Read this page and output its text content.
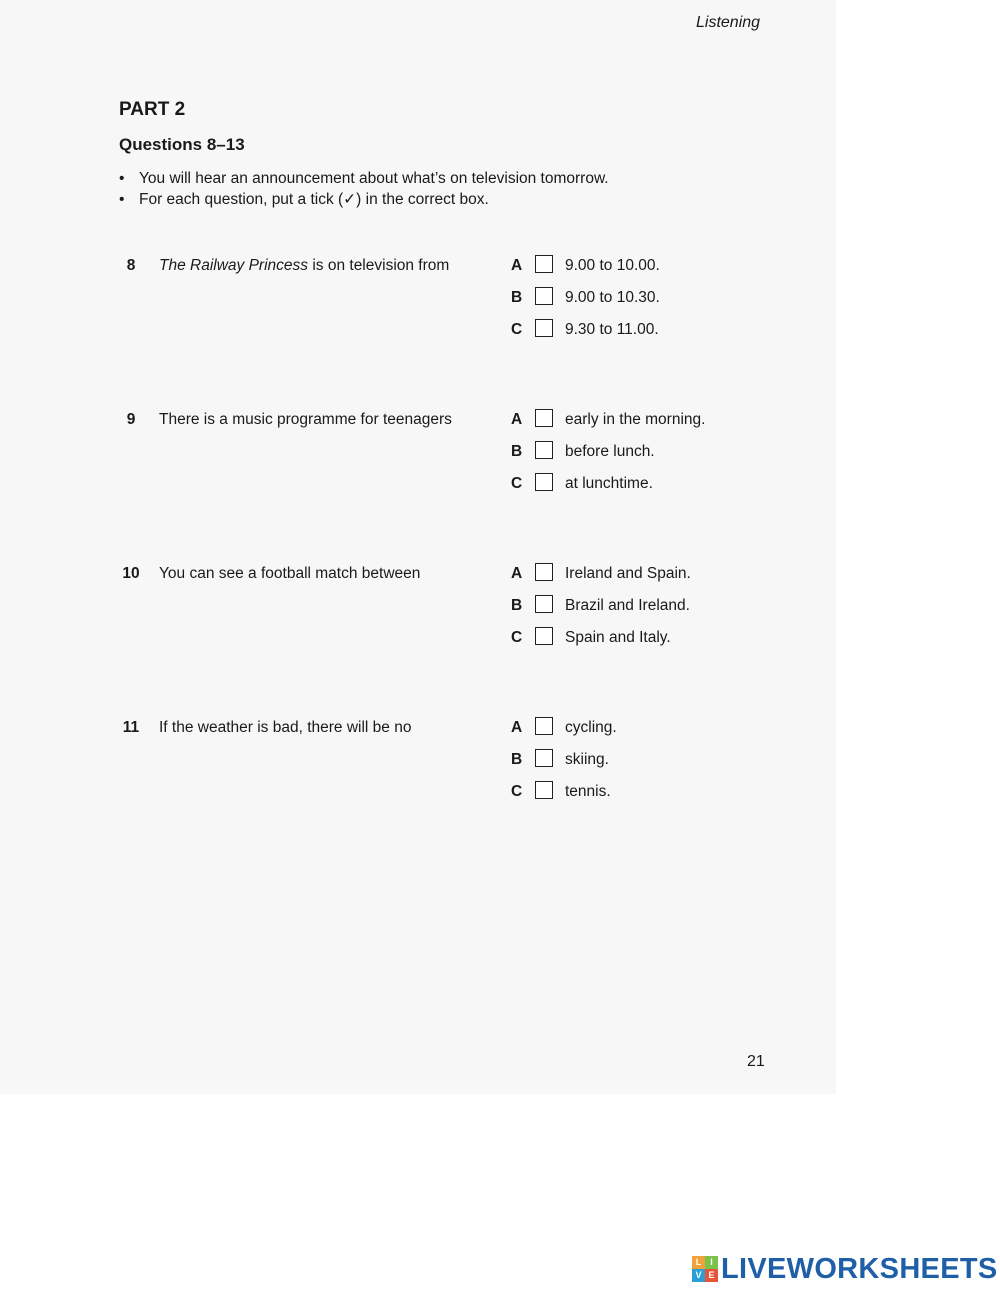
Listening
PART 2
Questions 8–13
• You will hear an announcement about what’s on television tomorrow.
• For each question, put a tick (✓) in the correct box.
8	The Railway Princess is on television from	A	9.00 to 10.00.
B	9.00 to 10.30.
C	9.30 to 11.00.
9	There is a music programme for teenagers	A	early in the morning.
B	before lunch.
C	at lunchtime.
10 You can see a football match between	A	Ireland and Spain.
B	Brazil and Ireland.
C	Spain and Italy.
11 If the weather is bad, there will be no	A	cycling.
B	skiing.
C	tennis.
21
L I
V E LIVEWORKSHEETS
